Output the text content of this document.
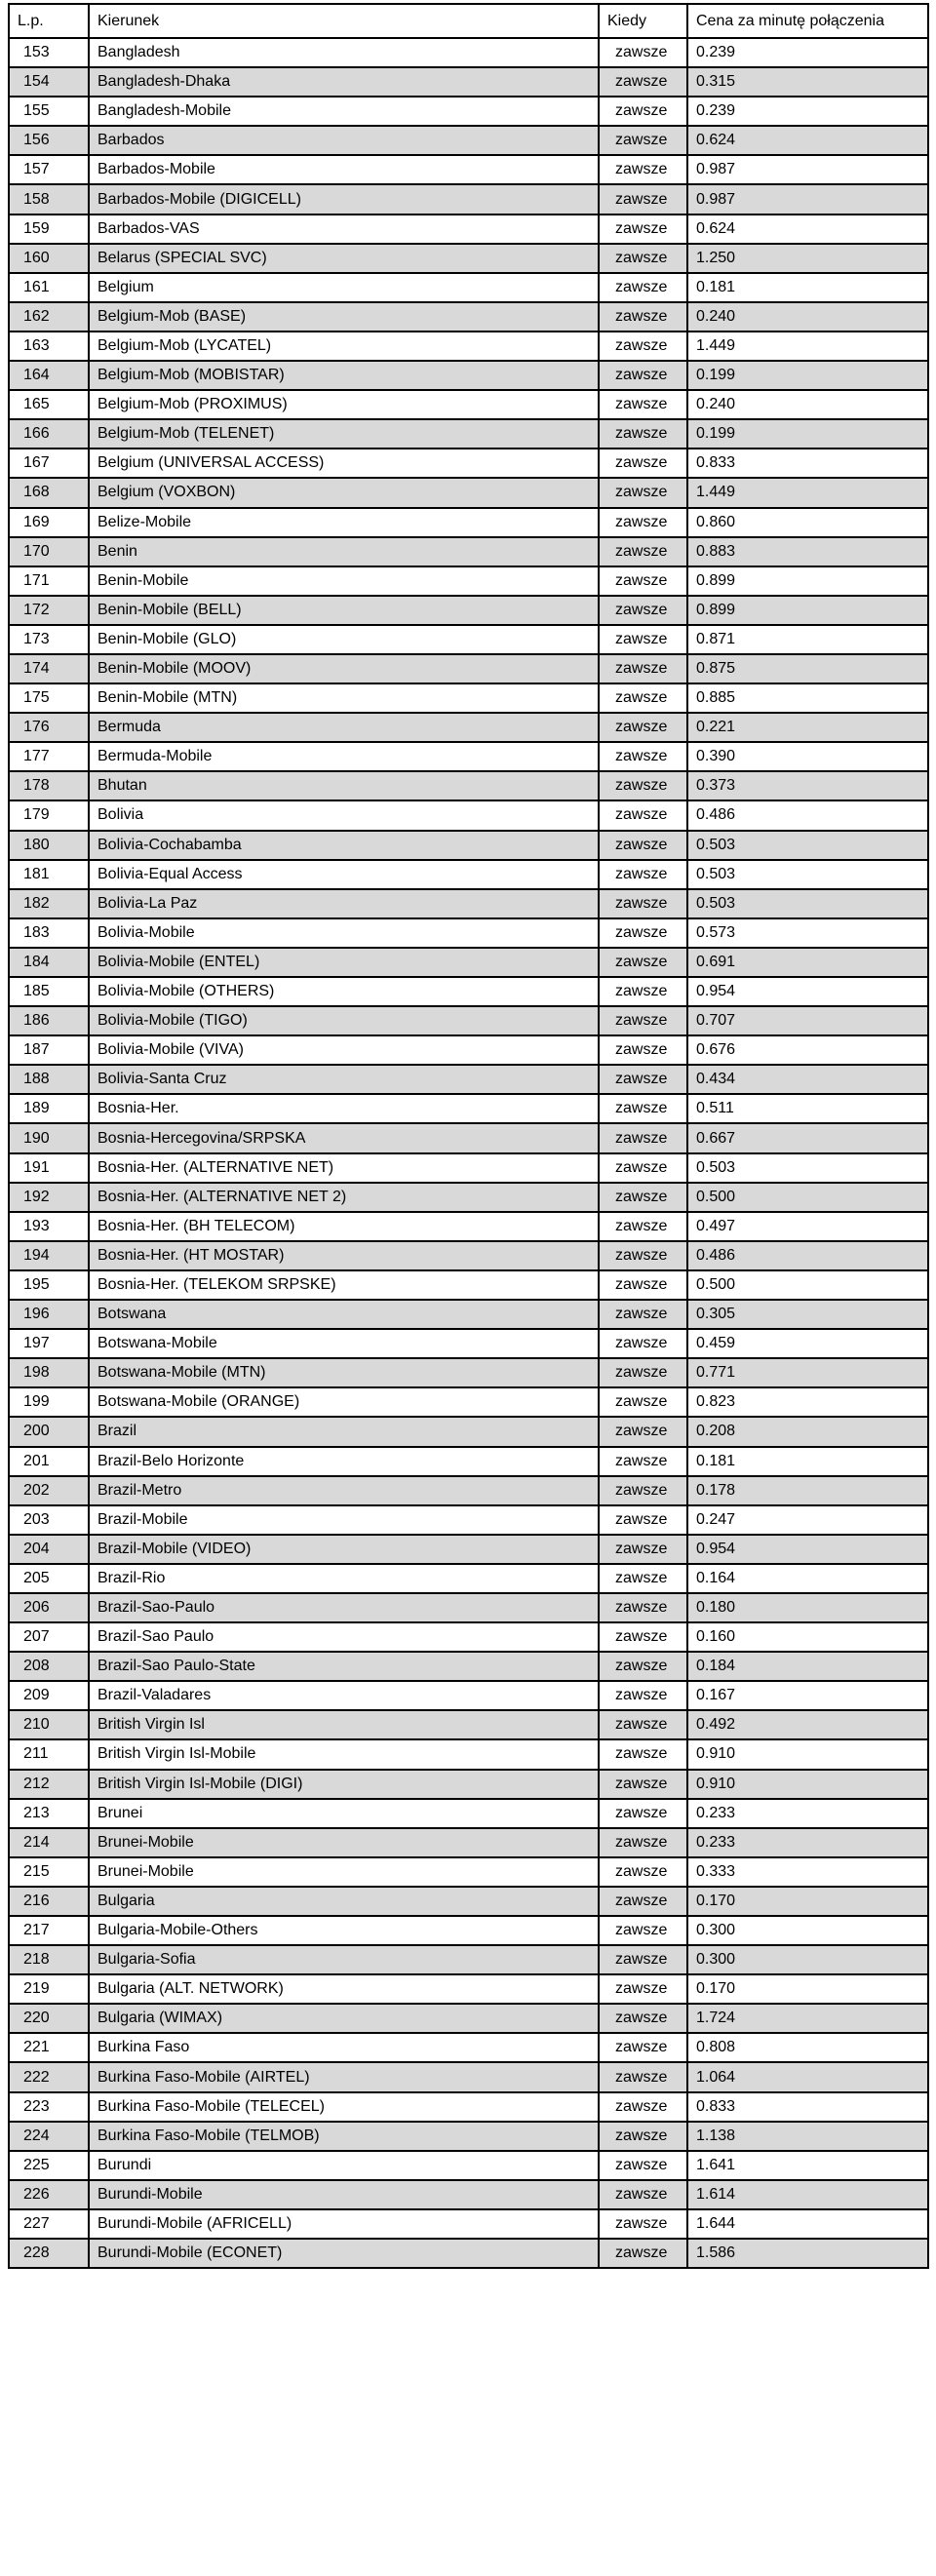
L.p.	Kierunek	Kiedy	Cena za minutę połączenia
153	Bangladesh	zawsze	0.239
154	Bangladesh-Dhaka	zawsze	0.315
155	Bangladesh-Mobile	zawsze	0.239
156	Barbados	zawsze	0.624
157	Barbados-Mobile	zawsze	0.987
158	Barbados-Mobile (DIGICELL)	zawsze	0.987
159	Barbados-VAS	zawsze	0.624
160	Belarus (SPECIAL SVC)	zawsze	1.250
161	Belgium	zawsze	0.181
162	Belgium-Mob (BASE)	zawsze	0.240
163	Belgium-Mob (LYCATEL)	zawsze	1.449
164	Belgium-Mob (MOBISTAR)	zawsze	0.199
165	Belgium-Mob (PROXIMUS)	zawsze	0.240
166	Belgium-Mob (TELENET)	zawsze	0.199
167	Belgium (UNIVERSAL ACCESS)	zawsze	0.833
168	Belgium (VOXBON)	zawsze	1.449
169	Belize-Mobile	zawsze	0.860
170	Benin	zawsze	0.883
171	Benin-Mobile	zawsze	0.899
172	Benin-Mobile (BELL)	zawsze	0.899
173	Benin-Mobile (GLO)	zawsze	0.871
174	Benin-Mobile (MOOV)	zawsze	0.875
175	Benin-Mobile (MTN)	zawsze	0.885
176	Bermuda	zawsze	0.221
177	Bermuda-Mobile	zawsze	0.390
178	Bhutan	zawsze	0.373
179	Bolivia	zawsze	0.486
180	Bolivia-Cochabamba	zawsze	0.503
181	Bolivia-Equal Access	zawsze	0.503
182	Bolivia-La Paz	zawsze	0.503
183	Bolivia-Mobile	zawsze	0.573
184	Bolivia-Mobile (ENTEL)	zawsze	0.691
185	Bolivia-Mobile (OTHERS)	zawsze	0.954
186	Bolivia-Mobile (TIGO)	zawsze	0.707
187	Bolivia-Mobile (VIVA)	zawsze	0.676
188	Bolivia-Santa Cruz	zawsze	0.434
189	Bosnia-Her.	zawsze	0.511
190	Bosnia-Hercegovina/SRPSKA	zawsze	0.667
191	Bosnia-Her. (ALTERNATIVE NET)	zawsze	0.503
192	Bosnia-Her. (ALTERNATIVE NET 2)	zawsze	0.500
193	Bosnia-Her. (BH TELECOM)	zawsze	0.497
194	Bosnia-Her. (HT MOSTAR)	zawsze	0.486
195	Bosnia-Her. (TELEKOM SRPSKE)	zawsze	0.500
196	Botswana	zawsze	0.305
197	Botswana-Mobile	zawsze	0.459
198	Botswana-Mobile (MTN)	zawsze	0.771
199	Botswana-Mobile (ORANGE)	zawsze	0.823
200	Brazil	zawsze	0.208
201	Brazil-Belo Horizonte	zawsze	0.181
202	Brazil-Metro	zawsze	0.178
203	Brazil-Mobile	zawsze	0.247
204	Brazil-Mobile (VIDEO)	zawsze	0.954
205	Brazil-Rio	zawsze	0.164
206	Brazil-Sao-Paulo	zawsze	0.180
207	Brazil-Sao Paulo	zawsze	0.160
208	Brazil-Sao Paulo-State	zawsze	0.184
209	Brazil-Valadares	zawsze	0.167
210	British Virgin Isl	zawsze	0.492
211	British Virgin Isl-Mobile	zawsze	0.910
212	British Virgin Isl-Mobile (DIGI)	zawsze	0.910
213	Brunei	zawsze	0.233
214	Brunei-Mobile	zawsze	0.233
215	Brunei-Mobile	zawsze	0.333
216	Bulgaria	zawsze	0.170
217	Bulgaria-Mobile-Others	zawsze	0.300
218	Bulgaria-Sofia	zawsze	0.300
219	Bulgaria (ALT. NETWORK)	zawsze	0.170
220	Bulgaria (WIMAX)	zawsze	1.724
221	Burkina Faso	zawsze	0.808
222	Burkina Faso-Mobile (AIRTEL)	zawsze	1.064
223	Burkina Faso-Mobile (TELECEL)	zawsze	0.833
224	Burkina Faso-Mobile (TELMOB)	zawsze	1.138
225	Burundi	zawsze	1.641
226	Burundi-Mobile	zawsze	1.614
227	Burundi-Mobile (AFRICELL)	zawsze	1.644
228	Burundi-Mobile (ECONET)	zawsze	1.586
